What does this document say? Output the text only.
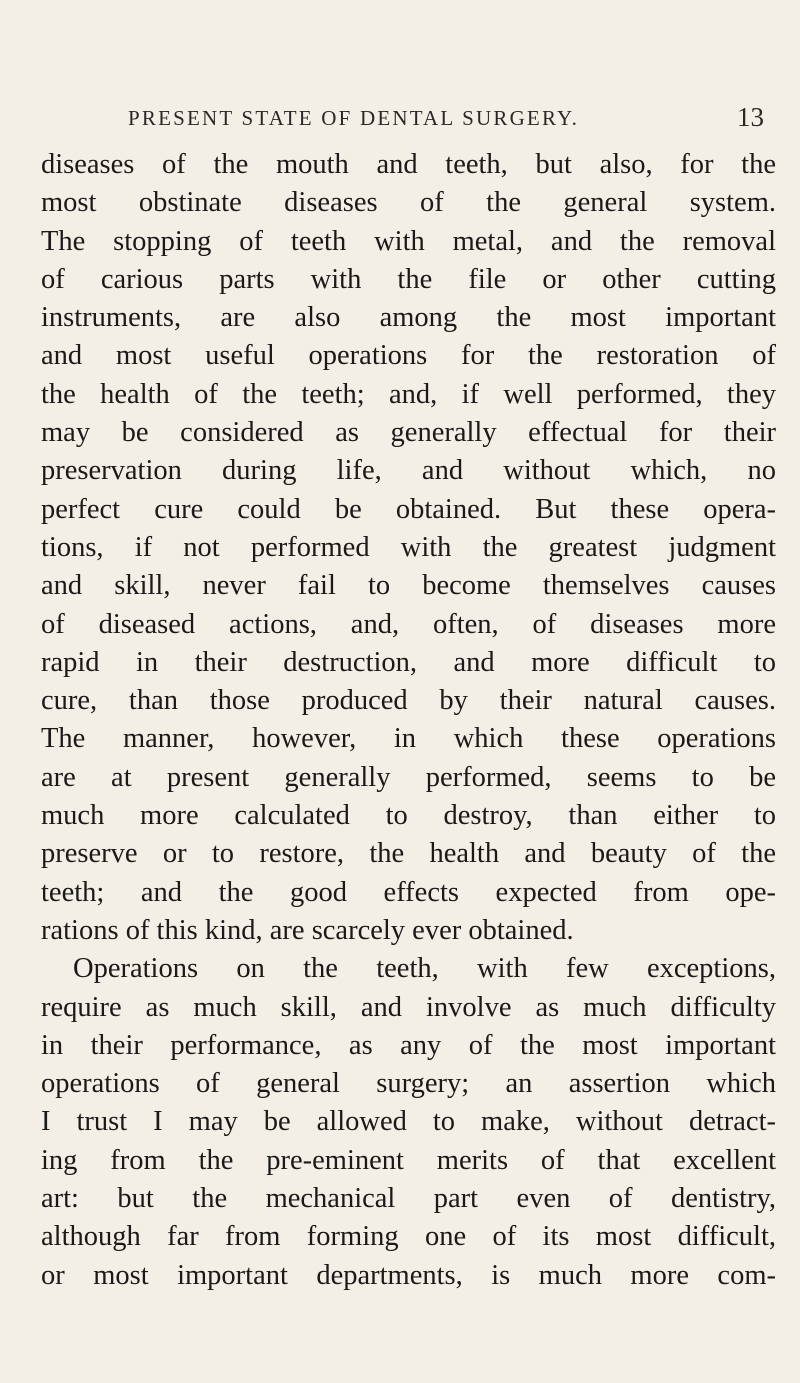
PRESENT STATE OF DENTAL SURGERY.	13
diseases of the mouth and teeth, but also, for the
most obstinate diseases of the general system.
The stopping of teeth with metal, and the removal
of carious parts with the file or other cutting
instruments, are also among the most important
and most useful operations for the restoration of
the health of the teeth; and, if well performed, they
may be considered as generally effectual for their
preservation during life, and without which, no
perfect cure could be obtained. But these opera-
tions, if not performed with the greatest judgment
and skill, never fail to become themselves causes
of diseased actions, and, often, of diseases more
rapid in their destruction, and more difficult to
cure, than those produced by their natural causes.
The manner, however, in which these operations
are at present generally performed, seems to be
much more calculated to destroy, than either to
preserve or to restore, the health and beauty of the
teeth; and the good effects expected from ope-
rations of this kind, are scarcely ever obtained.
Operations on the teeth, with few exceptions,
require as much skill, and involve as much difficulty
in their performance, as any of the most important
operations of general surgery; an assertion which
I trust I may be allowed to make, without detract-
ing from the pre-eminent merits of that excellent
art: but the mechanical part even of dentistry,
although far from forming one of its most difficult,
or most important departments, is much more com-
